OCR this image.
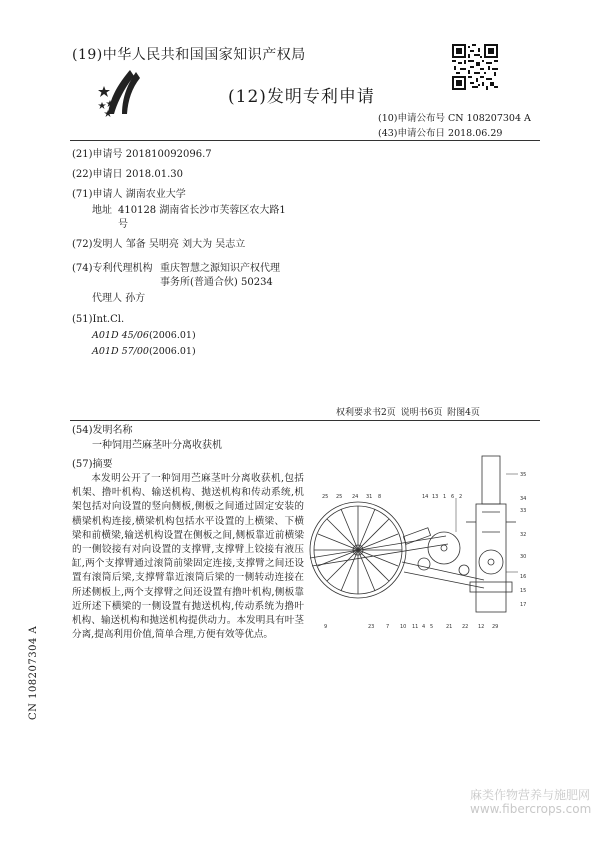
(19)中华人民共和国国家知识产权局
(12)发明专利申请
(10)申请公布号 CN 108207304 A
(43)申请公布日 2018.06.29
(21)申请号 201810092096.7
(22)申请日 2018.01.30
(71)申请人 湖南农业大学
地址 410128 湖南省长沙市芙蓉区农大路1
号
(72)发明人 邹备 吴明亮 刘大为 吴志立
(74)专利代理机构 重庆智慧之源知识产权代理
事务所(普通合伙) 50234
代理人 孙方
(51)Int.Cl.
A01D 45/06(2006.01)
A01D 57/00(2006.01)
权利要求书2页 说明书6页 附图4页
(54)发明名称
一种饲用苎麻茎叶分离收获机
(57)摘要
本发明公开了一种饲用苎麻茎叶分离收获机,包括机架、撸叶机构、输送机构、抛送机构和传动系统,机架包括对向设置的竖向侧板,侧板之间通过固定安装的横梁机构连接,横梁机构包括水平设置的上横梁、下横梁和前横梁,输送机构设置在侧板之间,侧板靠近前横梁的一侧铰接有对向设置的支撑臂,支撑臂上铰接有液压缸,两个支撑臂通过滚筒前梁固定连接,支撑臂之间还设置有滚筒后梁,支撑臂靠近滚筒后梁的一侧转动连接在所述侧板上,两个支撑臂之间还设置有撸叶机构,侧板靠近所述下横梁的一侧设置有抛送机构,传动系统为撸叶机构、输送机构和抛送机构提供动力。本发明具有叶茎分离,提高利用价值,简单合理,方便有效等优点。
25 25 24 31 8	14 13 1 6 2
35
34
33
32
30
16
15
17
9	23 7 10 11 4 5	21 22 12 29
CN 108207304 A
麻类作物营养与施肥网
www.fibercrops.com
